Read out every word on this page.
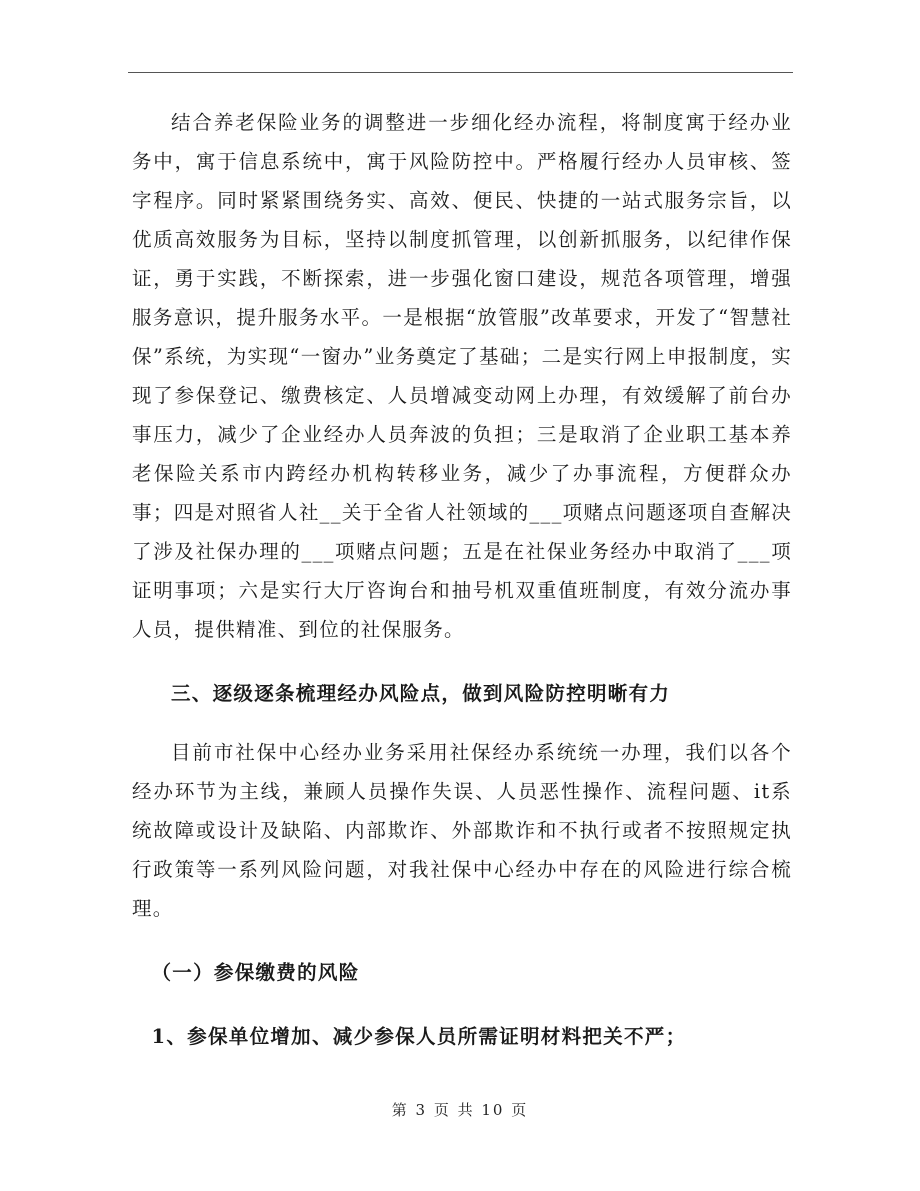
结合养老保险业务的调整进一步细化经办流程，将制度寓于经办业务中，寓于信息系统中，寓于风险防控中。严格履行经办人员审核、签字程序。同时紧紧围绕务实、高效、便民、快捷的一站式服务宗旨，以优质高效服务为目标，坚持以制度抓管理，以创新抓服务，以纪律作保证，勇于实践，不断探索，进一步强化窗口建设，规范各项管理，增强服务意识，提升服务水平。一是根据“放管服”改革要求，开发了“智慧社保”系统，为实现“一窗办”业务奠定了基础；二是实行网上申报制度，实现了参保登记、缴费核定、人员增减变动网上办理，有效缓解了前台办事压力，减少了企业经办人员奔波的负担；三是取消了企业职工基本养老保险关系市内跨经办机构转移业务，减少了办事流程，方便群众办事；四是对照省人社__关于全省人社领域的___项赌点问题逐项自查解决了涉及社保办理的___项赌点问题；五是在社保业务经办中取消了___项证明事项；六是实行大厅咨询台和抽号机双重值班制度，有效分流办事人员，提供精准、到位的社保服务。

三、逐级逐条梳理经办风险点，做到风险防控明晰有力

目前市社保中心经办业务采用社保经办系统统一办理，我们以各个经办环节为主线，兼顾人员操作失误、人员恶性操作、流程问题、it系统故障或设计及缺陷、内部欺诈、外部欺诈和不执行或者不按照规定执行政策等一系列风险问题，对我社保中心经办中存在的风险进行综合梳理。

（一）参保缴费的风险

1、参保单位增加、减少参保人员所需证明材料把关不严；

第 3 页 共 10 页
